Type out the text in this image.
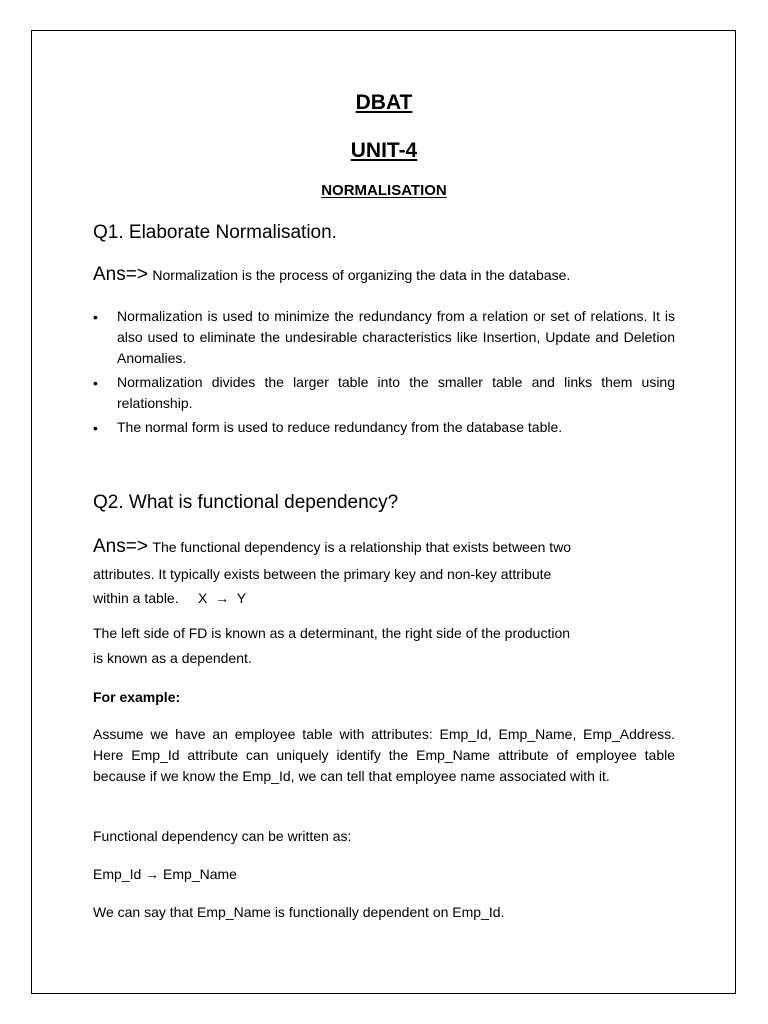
DBAT
UNIT-4
NORMALISATION
Q1. Elaborate Normalisation.
Ans=> Normalization is the process of organizing the data in the database.
• Normalization is used to minimize the redundancy from a relation or set of relations. It is also used to eliminate the undesirable characteristics like Insertion, Update and Deletion Anomalies.
• Normalization divides the larger table into the smaller table and links them using relationship.
• The normal form is used to reduce redundancy from the database table.
Q2. What is functional dependency?
Ans=> The functional dependency is a relationship that exists between two
attributes. It typically exists between the primary key and non-key attribute
within a table.     X  →  Y
The left side of FD is known as a determinant, the right side of the production
is known as a dependent.
For example:
Assume we have an employee table with attributes: Emp_Id, Emp_Name, Emp_Address. Here Emp_Id attribute can uniquely identify the Emp_Name attribute of employee table because if we know the Emp_Id, we can tell that employee name associated with it.
Functional dependency can be written as:
Emp_Id → Emp_Name
We can say that Emp_Name is functionally dependent on Emp_Id.
